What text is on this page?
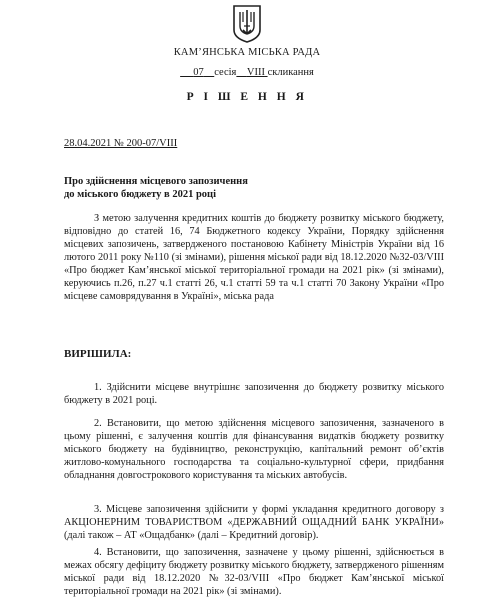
КАМ’ЯНСЬКА МІСЬКА РАДА
07 сесія VIII скликання
Р І Ш Е Н Н Я
28.04.2021 № 200-07/VIII
Про здійснення місцевого запозичення
до міського бюджету в 2021 році
З метою залучення кредитних коштів до бюджету розвитку міського бюджету, відповідно до статей 16, 74 Бюджетного кодексу України, Порядку здійснення місцевих запозичень, затвердженого постановою Кабінету Міністрів України від 16 лютого 2011 року №110 (зі змінами), рішення міської ради від 18.12.2020 №32-03/VIII «Про бюджет Кам’янської міської територіальної громади на 2021 рік» (зі змінами), керуючись п.26, п.27 ч.1 статті 26, ч.1 статті 59 та ч.1 статті 70 Закону України «Про місцеве самоврядування в Україні», міська рада
ВИРІШИЛА:
1. Здійснити місцеве внутрішнє запозичення до бюджету розвитку міського бюджету в 2021 році.
2. Встановити, що метою здійснення місцевого запозичення, зазначеного в цьому рішенні, є залучення коштів для фінансування видатків бюджету розвитку міського бюджету на будівництво, реконструкцію, капітальний ремонт об’єктів житлово-комунального господарства та соціально-культурної сфери, придбання обладнання довгострокового користування та міських автобусів.
3. Місцеве запозичення здійснити у формі укладання кредитного договору з АКЦІОНЕРНИМ ТОВАРИСТВОМ «ДЕРЖАВНИЙ ОЩАДНИЙ БАНК УКРАЇНИ» (далі також – АТ «Ощадбанк» (далі – Кредитний договір).
4. Встановити, що запозичення, зазначене у цьому рішенні, здійснюється в межах обсягу дефіциту бюджету розвитку міського бюджету, затвердженого рішенням міської ради від 18.12.2020 №32-03/VIII «Про бюджет Кам’янської міської територіальної громади на 2021 рік» (зі змінами).
